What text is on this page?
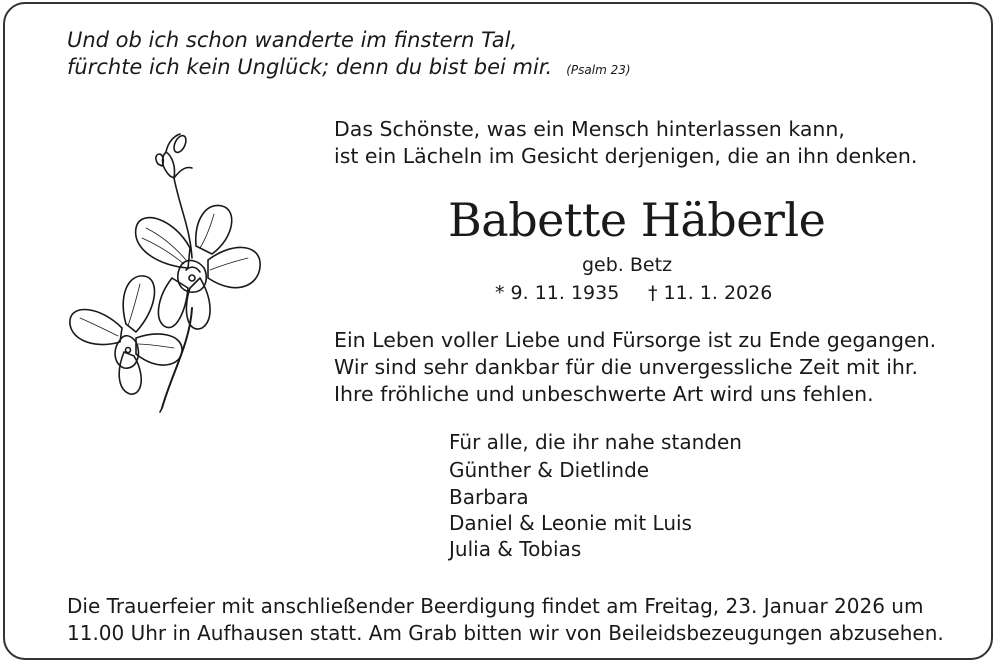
Und ob ich schon wanderte im finstern Tal,
fürchte ich kein Unglück; denn du bist bei mir. (Psalm 23)
Das Schönste, was ein Mensch hinterlassen kann,
ist ein Lächeln im Gesicht derjenigen, die an ihn denken.
Babette Häberle
geb. Betz
* 9. 11. 1935 † 11. 1. 2026
Ein Leben voller Liebe und Fürsorge ist zu Ende gegangen.
Wir sind sehr dankbar für die unvergessliche Zeit mit ihr.
Ihre fröhliche und unbeschwerte Art wird uns fehlen.
Für alle, die ihr nahe standen
Günther & Dietlinde
Barbara
Daniel & Leonie mit Luis
Julia & Tobias
Die Trauerfeier mit anschließender Beerdigung findet am Freitag, 23. Januar 2026 um
11.00 Uhr in Aufhausen statt. Am Grab bitten wir von Beileidsbezeugungen abzusehen.
